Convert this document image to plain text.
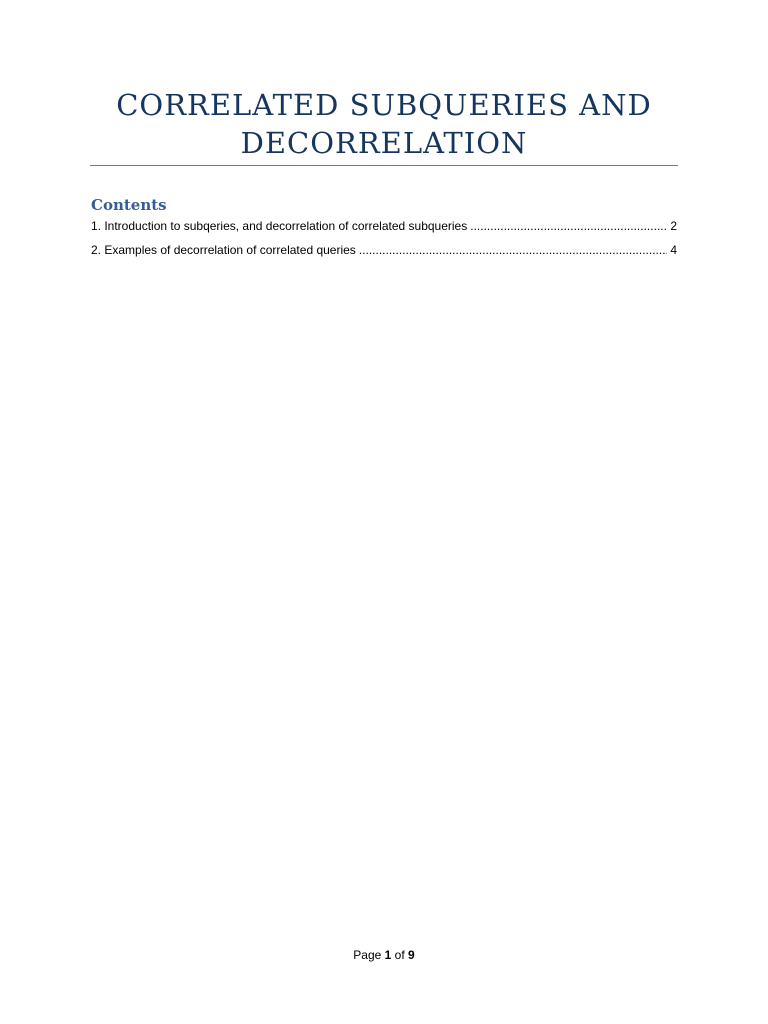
CORRELATED SUBQUERIES AND
DECORRELATION
Contents
1. Introduction to subqeries, and decorrelation of correlated subqueries .....	2
2. Examples of decorrelation of correlated queries .....	4
Page 1 of 9
